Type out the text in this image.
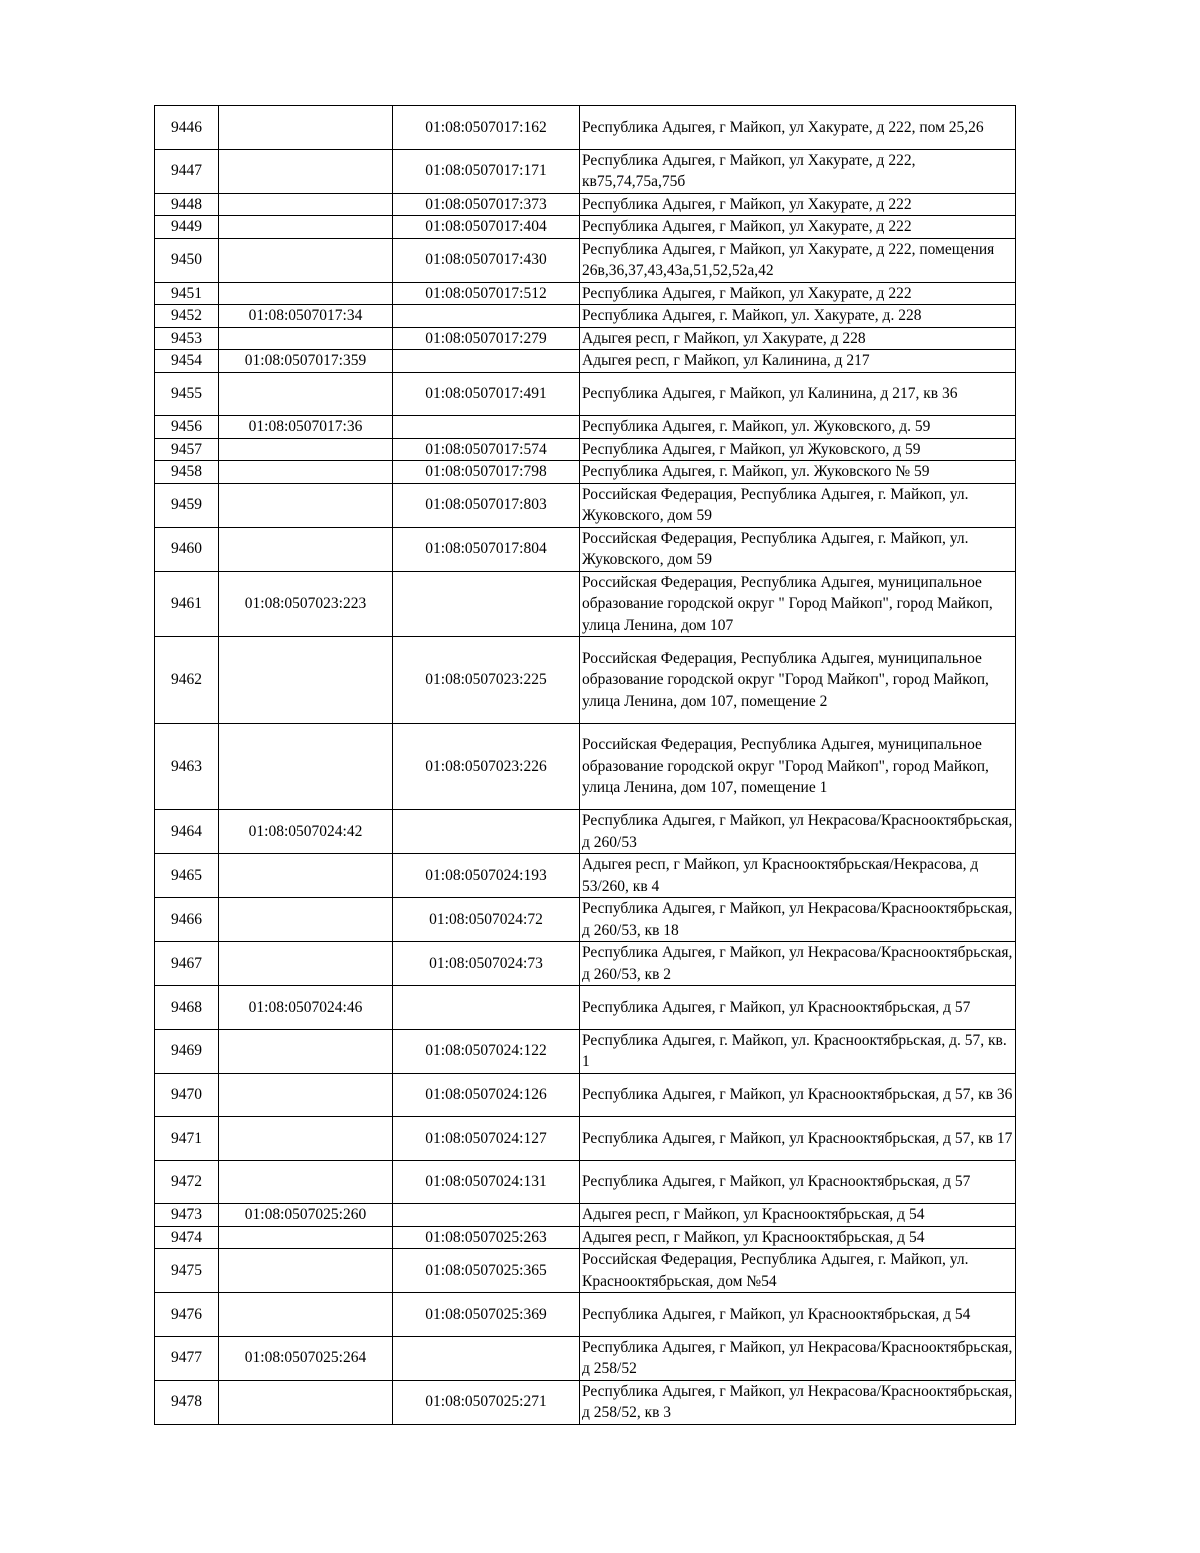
9446		01:08:0507017:162	Республика Адыгея, г Майкоп, ул Хакурате, д 222, пом 25,26
9447		01:08:0507017:171	Республика Адыгея, г Майкоп, ул Хакурате, д 222, кв75,74,75а,75б
9448		01:08:0507017:373	Республика Адыгея, г Майкоп, ул Хакурате, д 222
9449		01:08:0507017:404	Республика Адыгея, г Майкоп, ул Хакурате, д 222
9450		01:08:0507017:430	Республика Адыгея, г Майкоп, ул Хакурате, д 222, помещения 26в,36,37,43,43а,51,52,52а,42
9451		01:08:0507017:512	Республика Адыгея, г Майкоп, ул Хакурате, д 222
9452	01:08:0507017:34		Республика Адыгея, г. Майкоп, ул. Хакурате, д. 228
9453		01:08:0507017:279	Адыгея респ, г Майкоп, ул Хакурате, д 228
9454	01:08:0507017:359		Адыгея респ, г Майкоп, ул Калинина, д 217
9455		01:08:0507017:491	Республика Адыгея, г Майкоп, ул Калинина, д 217, кв 36
9456	01:08:0507017:36		Республика Адыгея, г. Майкоп, ул. Жуковского, д. 59
9457		01:08:0507017:574	Республика Адыгея, г Майкоп, ул Жуковского, д 59
9458		01:08:0507017:798	Республика Адыгея, г. Майкоп, ул. Жуковского № 59
9459		01:08:0507017:803	Российская Федерация, Республика Адыгея, г. Майкоп, ул. Жуковского, дом 59
9460		01:08:0507017:804	Российская Федерация, Республика Адыгея, г. Майкоп, ул. Жуковского, дом 59
9461	01:08:0507023:223		Российская Федерация, Республика Адыгея, муниципальное образование городской округ " Город Майкоп", город Майкоп, улица Ленина, дом 107
9462		01:08:0507023:225	Российская Федерация, Республика Адыгея, муниципальное образование городской округ "Город Майкоп", город Майкоп, улица Ленина, дом 107, помещение 2
9463		01:08:0507023:226	Российская Федерация, Республика Адыгея, муниципальное образование городской округ "Город Майкоп", город Майкоп, улица Ленина, дом 107, помещение 1
9464	01:08:0507024:42		Республика Адыгея, г Майкоп, ул Некрасова/Краснооктябрьская, д 260/53
9465		01:08:0507024:193	Адыгея респ, г Майкоп, ул Краснооктябрьская/Некрасова, д 53/260, кв 4
9466		01:08:0507024:72	Республика Адыгея, г Майкоп, ул Некрасова/Краснооктябрьская, д 260/53, кв 18
9467		01:08:0507024:73	Республика Адыгея, г Майкоп, ул Некрасова/Краснооктябрьская, д 260/53, кв 2
9468	01:08:0507024:46		Республика Адыгея, г Майкоп, ул Краснооктябрьская, д 57
9469		01:08:0507024:122	Республика Адыгея, г. Майкоп, ул. Краснооктябрьская, д. 57, кв. 1
9470		01:08:0507024:126	Республика Адыгея, г Майкоп, ул Краснооктябрьская, д 57, кв 36
9471		01:08:0507024:127	Республика Адыгея, г Майкоп, ул Краснооктябрьская, д 57, кв 17
9472		01:08:0507024:131	Республика Адыгея, г Майкоп, ул Краснооктябрьская, д 57
9473	01:08:0507025:260		Адыгея респ, г Майкоп, ул Краснооктябрьская, д 54
9474		01:08:0507025:263	Адыгея респ, г Майкоп, ул Краснооктябрьская, д 54
9475		01:08:0507025:365	Российская Федерация, Республика Адыгея, г. Майкоп, ул. Краснооктябрьская, дом №54
9476		01:08:0507025:369	Республика Адыгея, г Майкоп, ул Краснооктябрьская, д 54
9477	01:08:0507025:264		Республика Адыгея, г Майкоп, ул Некрасова/Краснооктябрьская, д 258/52
9478		01:08:0507025:271	Республика Адыгея, г Майкоп, ул Некрасова/Краснооктябрьская, д 258/52, кв 3
